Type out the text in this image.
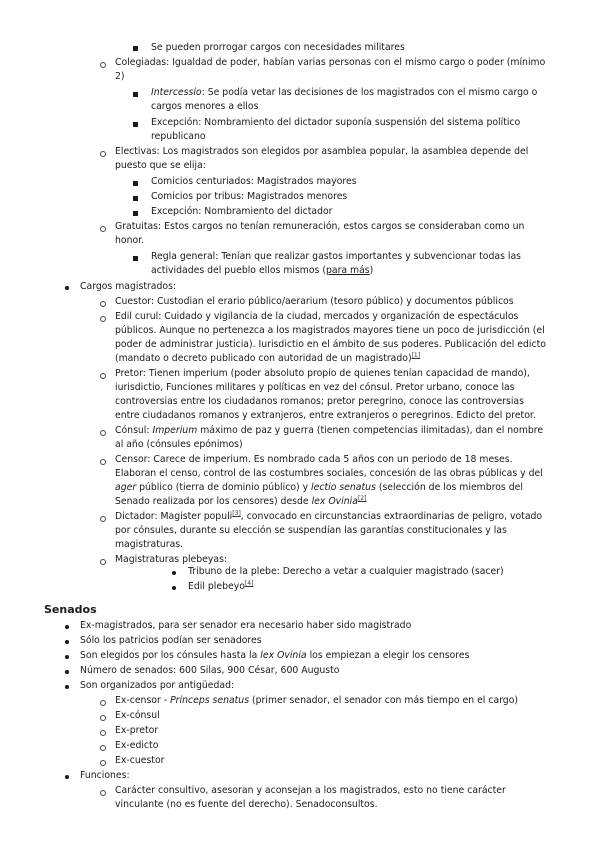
Se pueden prorrogar cargos con necesidades militares
Colegiadas: Igualdad de poder, habían varias personas con el mismo cargo o poder (mínimo
2)
Intercessio: Se podía vetar las decisiones de los magistrados con el mismo cargo o
cargos menores a ellos
Excepción: Nombramiento del dictador suponía suspensión del sistema político
republicano
Electivas: Los magistrados son elegidos por asamblea popular, la asamblea depende del
puesto que se elija:
Comicios centuriados: Magistrados mayores
Comicios por tribus: Magistrados menores
Excepción: Nombramiento del dictador
Gratuitas: Estos cargos no tenían remuneración, estos cargos se consideraban como un
honor.
Regla general: Tenían que realizar gastos importantes y subvencionar todas las
actividades del pueblo ellos mismos (para más)
Cargos magistrados:
Cuestor: Custodian el erario público/aerarium (tesoro público) y documentos públicos
Edil curul: Cuidado y vigilancia de la ciudad, mercados y organización de espectáculos
públicos. Aunque no pertenezca a los magistrados mayores tiene un poco de jurisdicción (el
poder de administrar justicia). Iurisdictio en el ámbito de sus poderes. Publicación del edicto
(mandato o decreto publicado con autoridad de un magistrado)[1]
Pretor: Tienen imperium (poder absoluto propio de quienes tenían capacidad de mando),
iurisdictio, Funciones militares y políticas en vez del cónsul. Pretor urbano, conoce las
controversias entre los ciudadanos romanos; pretor peregrino, conoce las controversias
entre ciudadanos romanos y extranjeros, entre extranjeros o peregrinos. Edicto del pretor.
Cónsul: Imperium máximo de paz y guerra (tienen competencias ilimitadas), dan el nombre
al año (cónsules epónimos)
Censor: Carece de imperium. Es nombrado cada 5 años con un periodo de 18 meses.
Elaboran el censo, control de las costumbres sociales, concesión de las obras públicas y del
ager público (tierra de dominio público) y lectio senatus (selección de los miembros del
Senado realizada por los censores) desde lex Ovinia[2]
Dictador: Magister populi[3], convocado en circunstancias extraordinarias de peligro, votado
por cónsules, durante su elección se suspendían las garantías constitucionales y las
magistraturas.
Magistraturas plebeyas:
Tribuno de la plebe: Derecho a vetar a cualquier magistrado (sacer)
Edil plebeyo[4]
Senados
Ex-magistrados, para ser senador era necesario haber sido magistrado
Sólo los patricios podían ser senadores
Son elegidos por los cónsules hasta la lex Ovinia los empiezan a elegir los censores
Número de senados: 600 Silas, 900 César, 600 Augusto
Son organizados por antigüedad:
Ex-censor - Princeps senatus (primer senador, el senador con más tiempo en el cargo)
Ex-cónsul
Ex-pretor
Ex-edicto
Ex-cuestor
Funciones:
Carácter consultivo, asesoran y aconsejan a los magistrados, esto no tiene carácter
vinculante (no es fuente del derecho). Senadoconsultos.
